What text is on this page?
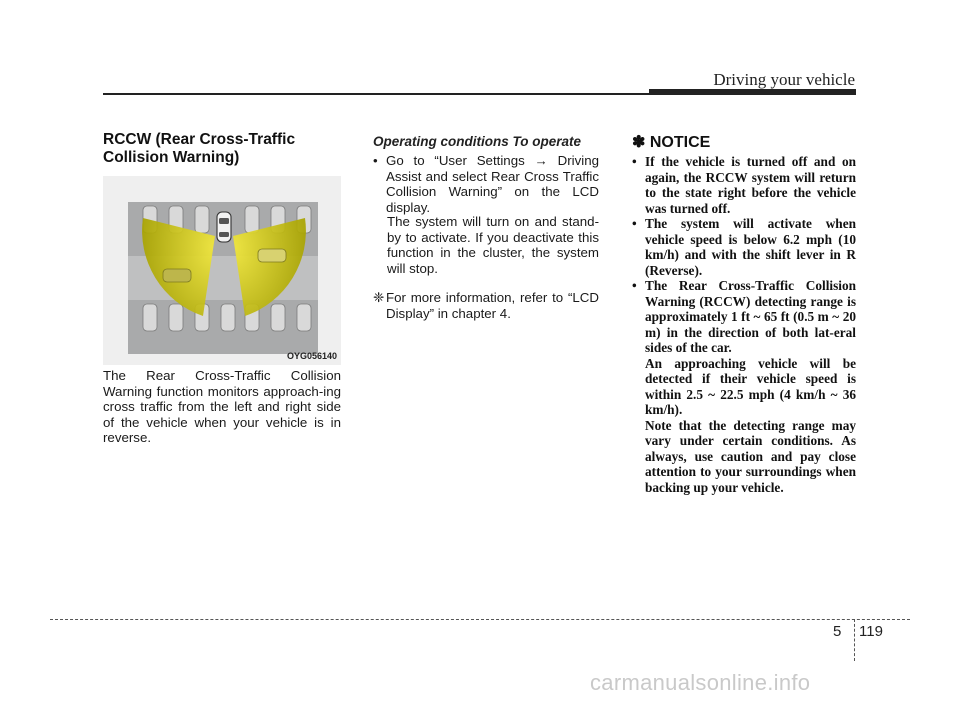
Driving your vehicle
RCCW (Rear Cross-Traffic Collision Warning)
OYG056140
The Rear Cross-Traffic Collision Warning function monitors approach-ing cross traffic from the left and right side of the vehicle when your vehicle is in reverse.
Operating conditions To operate
• Go to “User Settings → Driving Assist and select Rear Cross Traffic Collision Warning” on the LCD display.
The system will turn on and stand-by to activate. If you deactivate this function in the cluster, the system will stop.
❈ For more information, refer to “LCD Display” in chapter 4.
✽ NOTICE
• If the vehicle is turned off and on again, the RCCW system will return to the state right before the vehicle was turned off.

• The system will activate when vehicle speed is below 6.2 mph (10 km/h) and with the shift lever in R (Reverse).

• The Rear Cross-Traffic Collision Warning (RCCW) detecting range is approximately 1 ft ~ 65 ft (0.5 m ~ 20 m) in the direction of both lat-eral sides of the car.

An approaching vehicle will be detected if their vehicle speed is within 2.5 ~ 22.5 mph (4 km/h ~ 36 km/h).

Note that the detecting range may vary under certain conditions. As always, use caution and pay close attention to your surroundings when backing up your vehicle.

5 119
carmanualsonline.info
